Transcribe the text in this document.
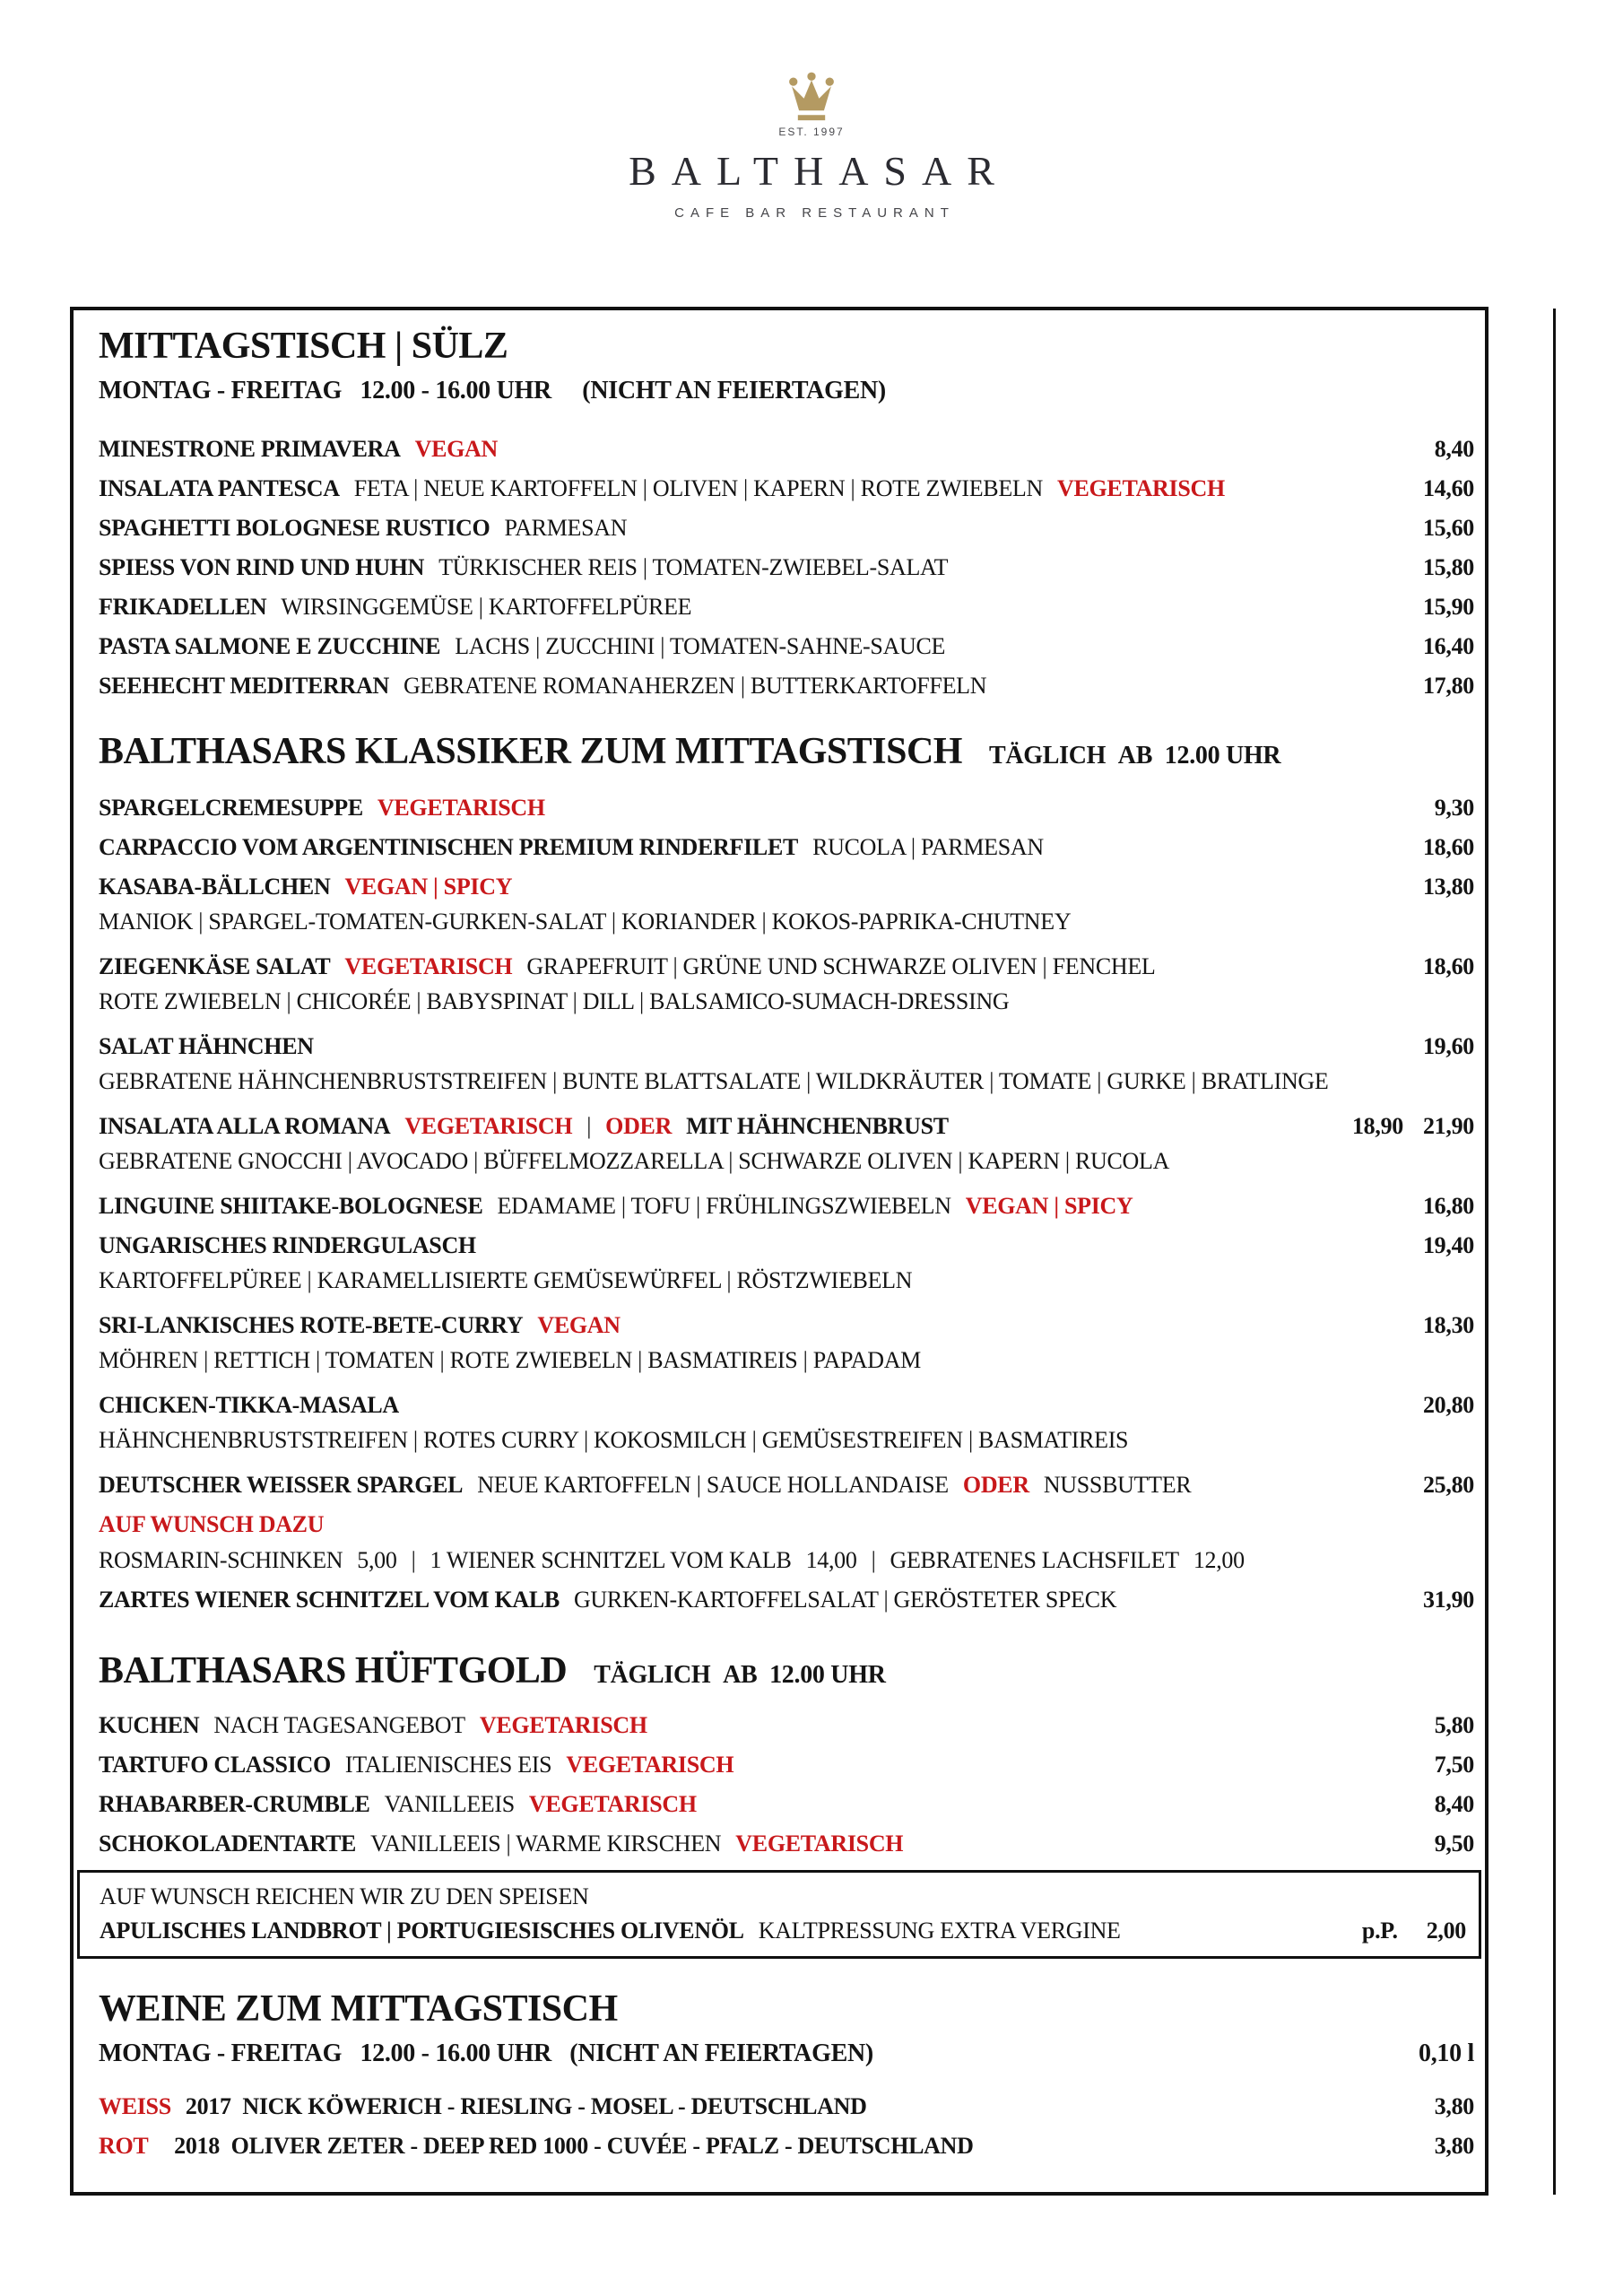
EST. 1997
BALTHASAR
CAFE BAR RESTAURANT
MITTAGSTISCH | SÜLZ
MONTAG - FREITAG  12.00 - 16.00 UHR  (NICHT AN FEIERTAGEN)
MINESTRONE PRIMAVERA VEGAN	8,40
INSALATA PANTESCA FETA | NEUE KARTOFFELN | OLIVEN | KAPERN | ROTE ZWIEBELN VEGETARISCH	14,60
SPAGHETTI BOLOGNESE RUSTICO PARMESAN	15,60
SPIESS VON RIND UND HUHN TÜRKISCHER REIS | TOMATEN-ZWIEBEL-SALAT	15,80
FRIKADELLEN WIRSINGGEMÜSE | KARTOFFELPÜREE	15,90
PASTA SALMONE E ZUCCHINE LACHS | ZUCCHINI | TOMATEN-SAHNE-SAUCE	16,40
SEEHECHT MEDITERRAN GEBRATENE ROMANAHERZEN | BUTTERKARTOFFELN	17,80
BALTHASARS KLASSIKER ZUM MITTAGSTISCH TÄGLICH AB 12.00 UHR
SPARGELCREMESUPPE VEGETARISCH	9,30
CARPACCIO VOM ARGENTINISCHEN PREMIUM RINDERFILET RUCOLA | PARMESAN	18,60
KASABA-BÄLLCHEN VEGAN | SPICY	13,80
MANIOK | SPARGEL-TOMATEN-GURKEN-SALAT | KORIANDER | KOKOS-PAPRIKA-CHUTNEY
ZIEGENKÄSE SALAT VEGETARISCH GRAPEFRUIT | GRÜNE UND SCHWARZE OLIVEN | FENCHEL	18,60
ROTE ZWIEBELN | CHICORÉE | BABYSPINAT | DILL | BALSAMICO-SUMACH-DRESSING
SALAT HÄHNCHEN	19,60
GEBRATENE HÄHNCHENBRUSTSTREIFEN | BUNTE BLATTSALATE | WILDKRÄUTER | TOMATE | GURKE | BRATLINGE
INSALATA ALLA ROMANA VEGETARISCH | ODER MIT HÄHNCHENBRUST	18,90 21,90
GEBRATENE GNOCCHI | AVOCADO | BÜFFELMOZZARELLA | SCHWARZE OLIVEN | KAPERN | RUCOLA
LINGUINE SHIITAKE-BOLOGNESE EDAMAME | TOFU | FRÜHLINGSZWIEBELN VEGAN | SPICY	16,80
UNGARISCHES RINDERGULASCH	19,40
KARTOFFELPÜREE | KARAMELLISIERTE GEMÜSEWÜRFEL | RÖSTZWIEBELN
SRI-LANKISCHES ROTE-BETE-CURRY VEGAN	18,30
MÖHREN | RETTICH | TOMATEN | ROTE ZWIEBELN | BASMATIREIS | PAPADAM
CHICKEN-TIKKA-MASALA	20,80
HÄHNCHENBRUSTSTREIFEN | ROTES CURRY | KOKOSMILCH | GEMÜSESTREIFEN | BASMATIREIS
DEUTSCHER WEISSER SPARGEL NEUE KARTOFFELN | SAUCE HOLLANDAISE ODER NUSSBUTTER	25,80
AUF WUNSCH DAZU
ROSMARIN-SCHINKEN 5,00 | 1 WIENER SCHNITZEL VOM KALB 14,00 | GEBRATENES LACHSFILET 12,00
ZARTES WIENER SCHNITZEL VOM KALB GURKEN-KARTOFFELSALAT | GERÖSTETER SPECK	31,90
BALTHASARS HÜFTGOLD TÄGLICH AB 12.00 UHR
KUCHEN NACH TAGESANGEBOT VEGETARISCH	5,80
TARTUFO CLASSICO ITALIENISCHES EIS VEGETARISCH	7,50
RHABARBER-CRUMBLE VANILLEEIS VEGETARISCH	8,40
SCHOKOLADENTARTE VANILLEEIS | WARME KIRSCHEN VEGETARISCH	9,50
AUF WUNSCH REICHEN WIR ZU DEN SPEISEN
APULISCHES LANDBROT | PORTUGIESISCHES OLIVENÖL KALTPRESSUNG EXTRA VERGINE	p.P. 2,00
WEINE ZUM MITTAGSTISCH
MONTAG - FREITAG  12.00 - 16.00 UHR  (NICHT AN FEIERTAGEN)	0,10 l
WEISS 2017 NICK KÖWERICH - RIESLING - MOSEL - DEUTSCHLAND	3,80
ROT  2018 OLIVER ZETER - DEEP RED 1000 - CUVÉE - PFALZ - DEUTSCHLAND	3,80
